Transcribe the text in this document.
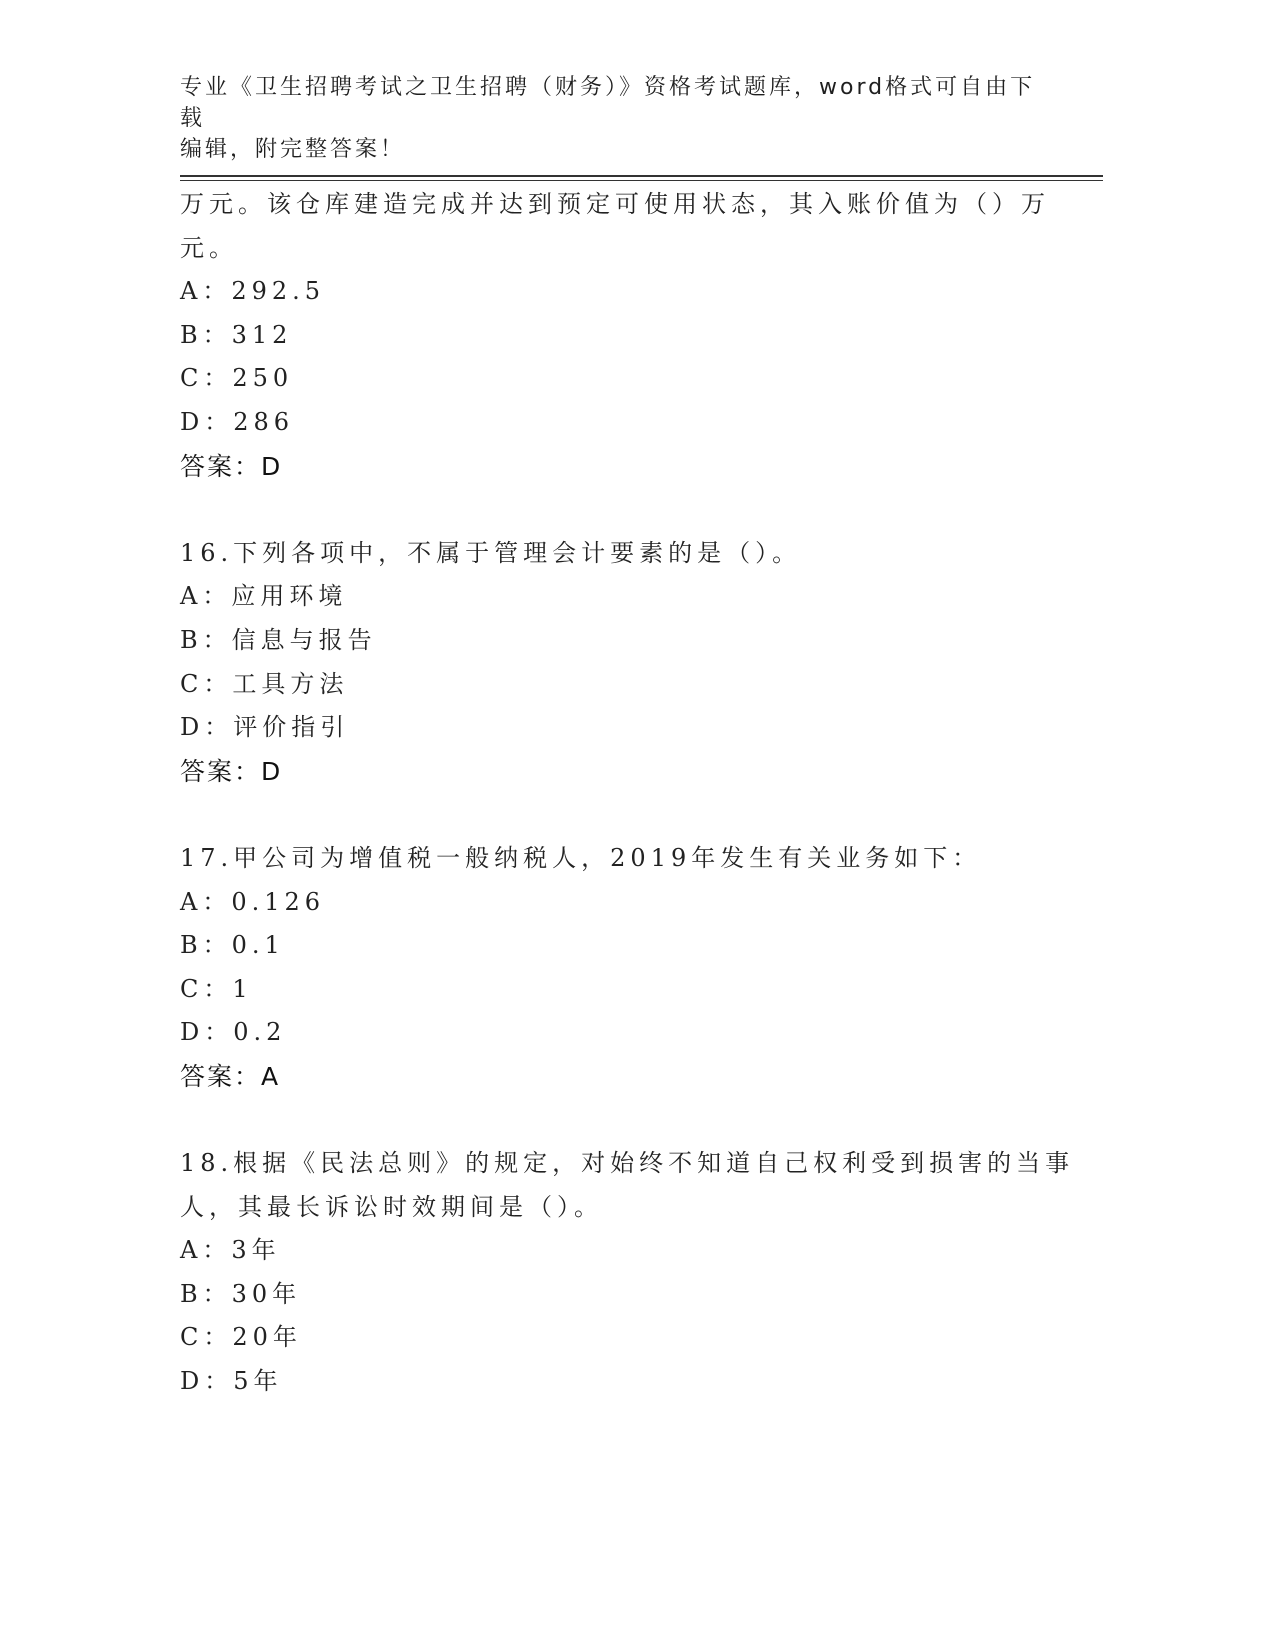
专业《卫生招聘考试之卫生招聘（财务）》资格考试题库，word格式可自由下载
编辑，附完整答案！
万元。该仓库建造完成并达到预定可使用状态，其入账价值为（）万
元。
A：292.5
B：312
C：250
D：286
答案：D
16.下列各项中，不属于管理会计要素的是（）。
A：应用环境
B：信息与报告
C：工具方法
D：评价指引
答案：D
17.甲公司为增值税一般纳税人，2019年发生有关业务如下：
A：0.126
B：0.1
C：1
D：0.2
答案：A
18.根据《民法总则》的规定，对始终不知道自己权利受到损害的当事
人，其最长诉讼时效期间是（）。
A：3年
B：30年
C：20年
D：5年
